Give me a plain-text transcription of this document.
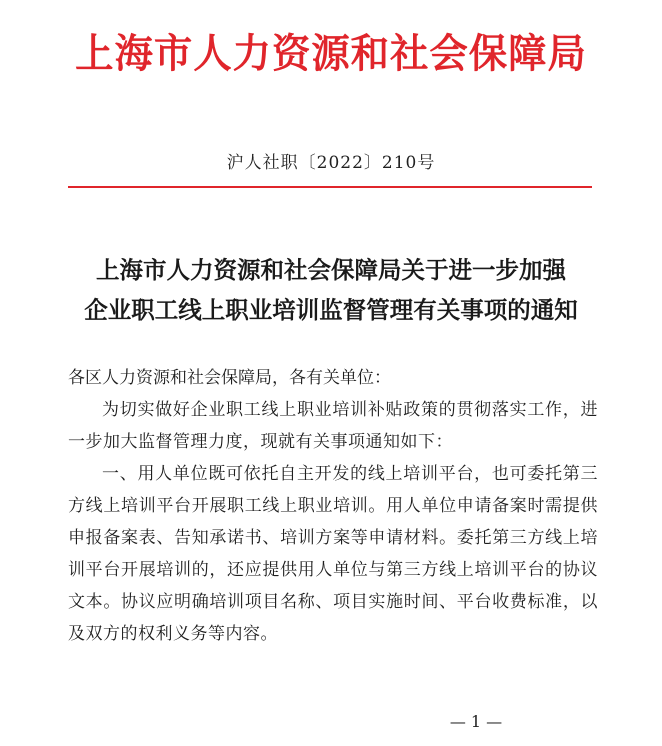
上海市人力资源和社会保障局
沪人社职〔2022〕210号
上海市人力资源和社会保障局关于进一步加强
企业职工线上职业培训监督管理有关事项的通知
各区人力资源和社会保障局，各有关单位：

为切实做好企业职工线上职业培训补贴政策的贯彻落实工作，进一步加大监督管理力度，现就有关事项通知如下：

一、用人单位既可依托自主开发的线上培训平台，也可委托第三方线上培训平台开展职工线上职业培训。用人单位申请备案时需提供申报备案表、告知承诺书、培训方案等申请材料。委托第三方线上培训平台开展培训的，还应提供用人单位与第三方线上培训平台的协议文本。协议应明确培训项目名称、项目实施时间、平台收费标准，以及双方的权利义务等内容。

— 1 —
